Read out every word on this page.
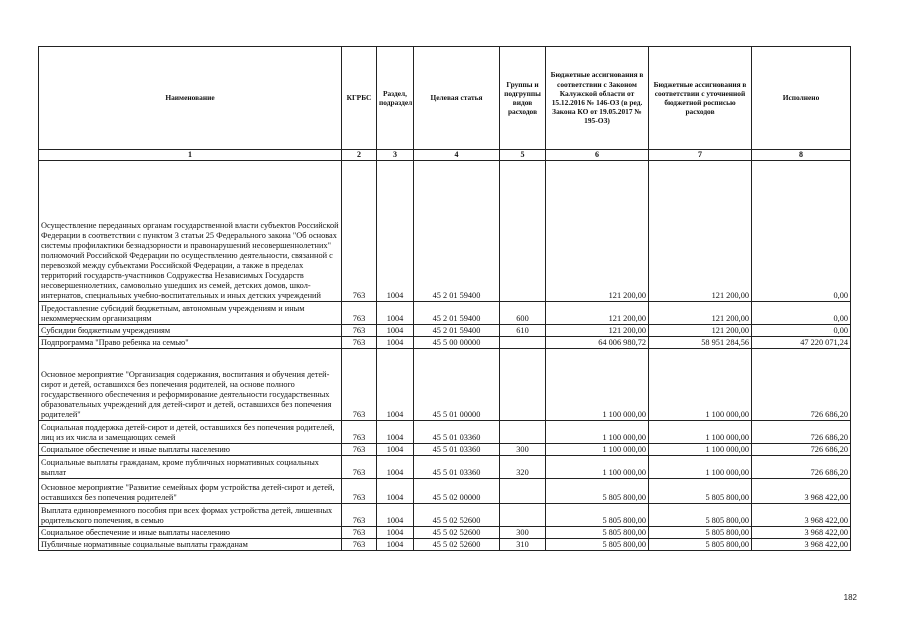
Наименование	КГРБС	Раздел, подраздел	Целевая статья	Группы и подгруппы видов расходов	Бюджетные ассигнования в соответствии с Законом Калужской области от 15.12.2016 № 146-ОЗ (в ред. Закона КО от 19.05.2017 № 195-ОЗ)	Бюджетные ассигнования в соответствии с уточненной бюджетной росписью расходов	Исполнено
1	2	3	4	5	6	7	8
Осуществление переданных органам государственной власти субъектов Российской Федерации в соответствии с пунктом 3 статьи 25 Федерального закона "Об основах системы профилактики безнадзорности и правонарушений несовершеннолетних" полномочий Российской Федерации по осуществлению деятельности, связанной с перевозкой между субъектами Российской Федерации, а также в пределах территорий государств-участников Содружества Независимых Государств несовершеннолетних, самовольно ушедших из семей, детских домов, школ-интернатов, специальных учебно-воспитательных и иных детских учреждений	763	1004	45 2 01 59400		121 200,00	121 200,00	0,00
Предоставление субсидий бюджетным, автономным учреждениям и иным некоммерческим организациям	763	1004	45 2 01 59400	600	121 200,00	121 200,00	0,00
Субсидии бюджетным учреждениям	763	1004	45 2 01 59400	610	121 200,00	121 200,00	0,00
Подпрограмма "Право ребенка на семью"	763	1004	45 5 00 00000		64 006 980,72	58 951 284,56	47 220 071,24
Основное мероприятие "Организация содержания, воспитания и обучения детей-сирот и детей, оставшихся без попечения родителей, на основе полного государственного обеспечения и реформирование деятельности государственных образовательных учреждений для детей-сирот и детей, оставшихся без попечения родителей"	763	1004	45 5 01 00000		1 100 000,00	1 100 000,00	726 686,20
Социальная поддержка детей-сирот и детей, оставшихся без попечения родителей, лиц из их числа и замещающих семей	763	1004	45 5 01 03360		1 100 000,00	1 100 000,00	726 686,20
Социальное обеспечение и иные выплаты населению	763	1004	45 5 01 03360	300	1 100 000,00	1 100 000,00	726 686,20
Социальные выплаты гражданам, кроме публичных нормативных социальных выплат	763	1004	45 5 01 03360	320	1 100 000,00	1 100 000,00	726 686,20
Основное мероприятие "Развитие семейных форм устройства детей-сирот и детей, оставшихся без попечения родителей"	763	1004	45 5 02 00000		5 805 800,00	5 805 800,00	3 968 422,00
Выплата единовременного пособия при всех формах устройства детей, лишенных родительского попечения, в семью	763	1004	45 5 02 52600		5 805 800,00	5 805 800,00	3 968 422,00
Социальное обеспечение и иные выплаты населению	763	1004	45 5 02 52600	300	5 805 800,00	5 805 800,00	3 968 422,00
Публичные нормативные социальные выплаты гражданам	763	1004	45 5 02 52600	310	5 805 800,00	5 805 800,00	3 968 422,00
182
